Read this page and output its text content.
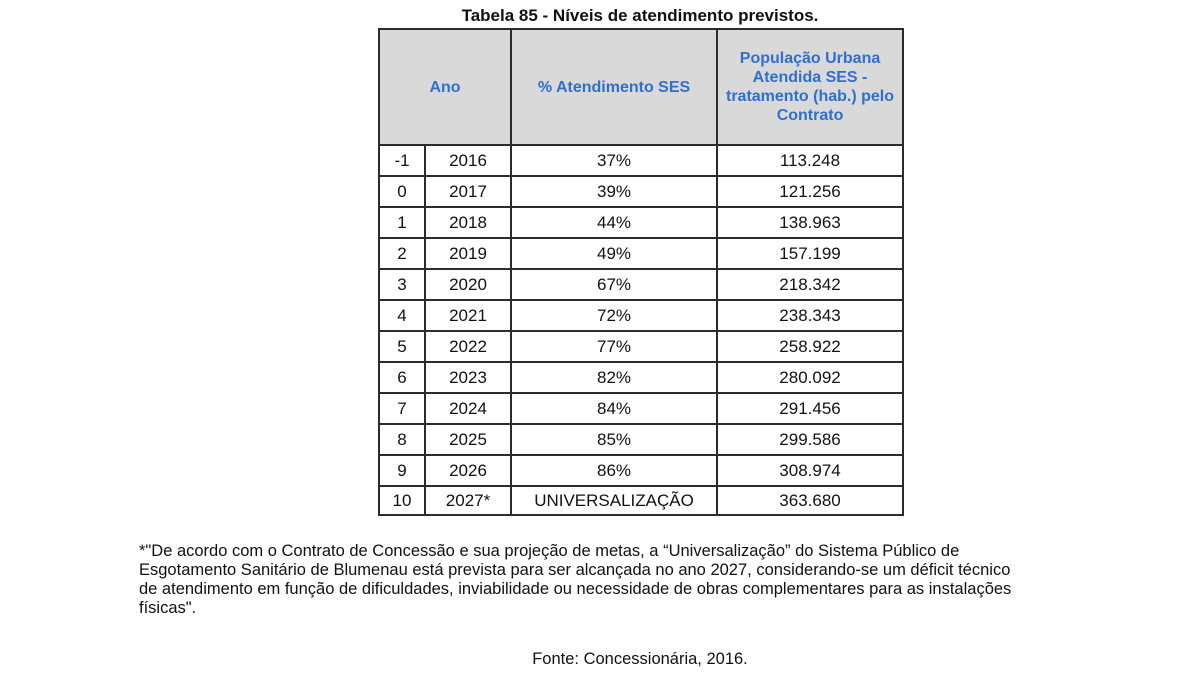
Tabela 85 - Níveis de atendimento previstos.
Ano		% Atendimento SES	População Urbana Atendida SES - tratamento (hab.) pelo Contrato

-1	2016	37%	113.248
0	2017	39%	121.256
1	2018	44%	138.963
2	2019	49%	157.199
3	2020	67%	218.342
4	2021	72%	238.343
5	2022	77%	258.922
6	2023	82%	280.092
7	2024	84%	291.456
8	2025	85%	299.586
9	2026	86%	308.974
10	2027*	UNIVERSALIZAÇÃO	363.680
*"De acordo com o Contrato de Concessão e sua projeção de metas, a “Universalização” do Sistema Público de Esgotamento Sanitário de Blumenau está prevista para ser alcançada no ano 2027, considerando-se um déficit técnico de atendimento em função de dificuldades, inviabilidade ou necessidade de obras complementares para as instalações físicas".
Fonte: Concessionária, 2016.
